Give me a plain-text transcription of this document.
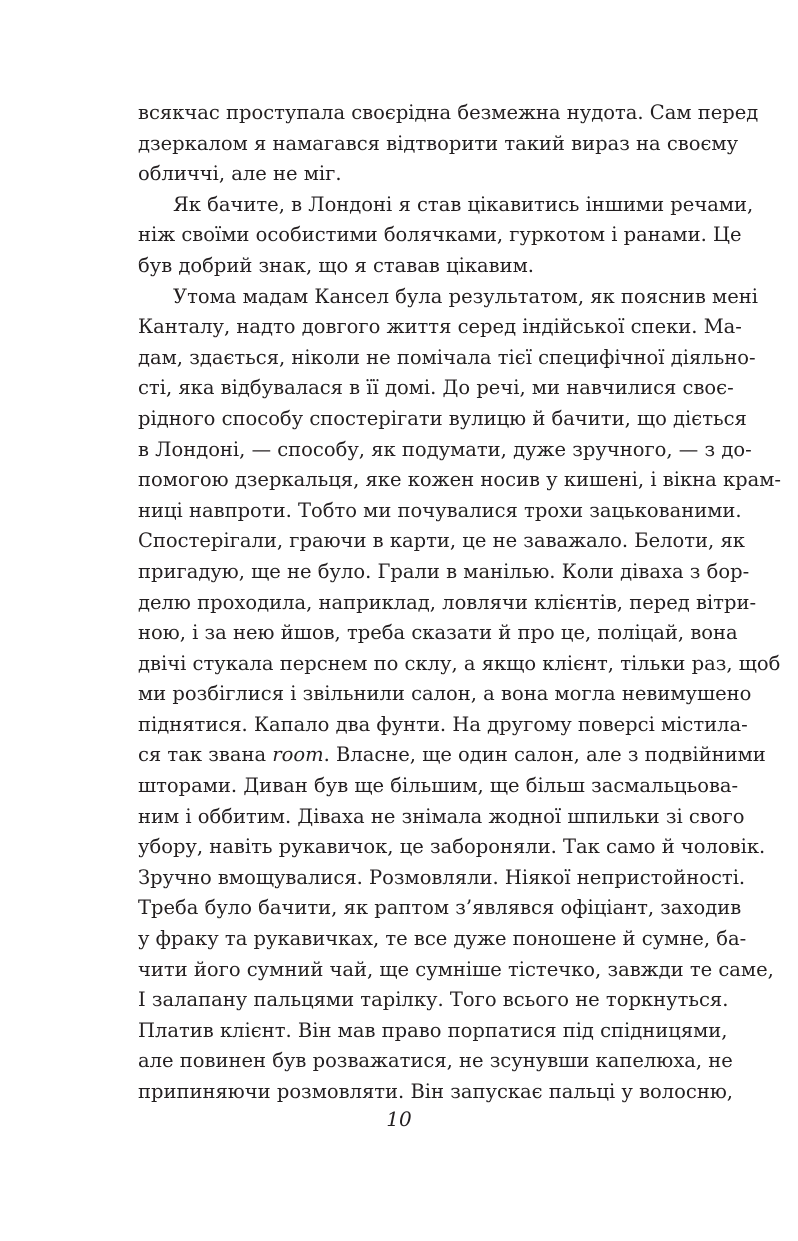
всякчас проступала своєрідна безмежна нудота. Сам перед
дзеркалом я намагався відтворити такий вираз на своєму
обличчі, але не міг.
Як бачите, в Лондоні я став цікавитись іншими речами,
ніж своїми особистими болячками, гуркотом і ранами. Це
був добрий знак, що я ставав цікавим.
Утома мадам Кансел була результатом, як пояснив мені
Канталу, надто довгого життя серед індійської спеки. Ма-
дам, здається, ніколи не помічала тієї специфічної діяльно-
сті, яка відбувалася в її домі. До речі, ми навчилися своє-
рідного способу спостерігати вулицю й бачити, що діється
в Лондоні, — способу, як подумати, дуже зручного, — з до-
помогою дзеркальця, яке кожен носив у кишені, і вікна крам-
ниці навпроти. Тобто ми почувалися трохи зацькованими.
Спостерігали, граючи в карти, це не заважало. Белоти, як
пригадую, ще не було. Грали в манілью. Коли діваха з бор-
делю проходила, наприклад, ловлячи клієнтів, перед вітри-
ною, і за нею йшов, треба сказати й про це, поліцай, вона
двічі стукала перснем по склу, а якщо клієнт, тільки раз, щоб
ми розбіглися і звільнили салон, а вона могла невимушено
піднятися. Капало два фунти. На другому поверсі містила-
ся так звана room. Власне, ще один салон, але з подвійними
шторами. Диван був ще більшим, ще більш засмальцьова-
ним і оббитим. Діваха не знімала жодної шпильки зі свого
убору, навіть рукавичок, це забороняли. Так само й чоловік.
Зручно вмощувалися. Розмовляли. Ніякої непристойності.
Треба було бачити, як раптом з’являвся офіціант, заходив
у фраку та рукавичках, те все дуже поношене й сумне, ба-
чити його сумний чай, ще сумніше тістечко, завжди те саме,
І залапану пальцями тарілку. Того всього не торкнуться.
Платив клієнт. Він мав право порпатися під спідницями,
але повинен був розважатися, не зсунувши капелюха, не
припиняючи розмовляти. Він запускає пальці у волосню,
10
